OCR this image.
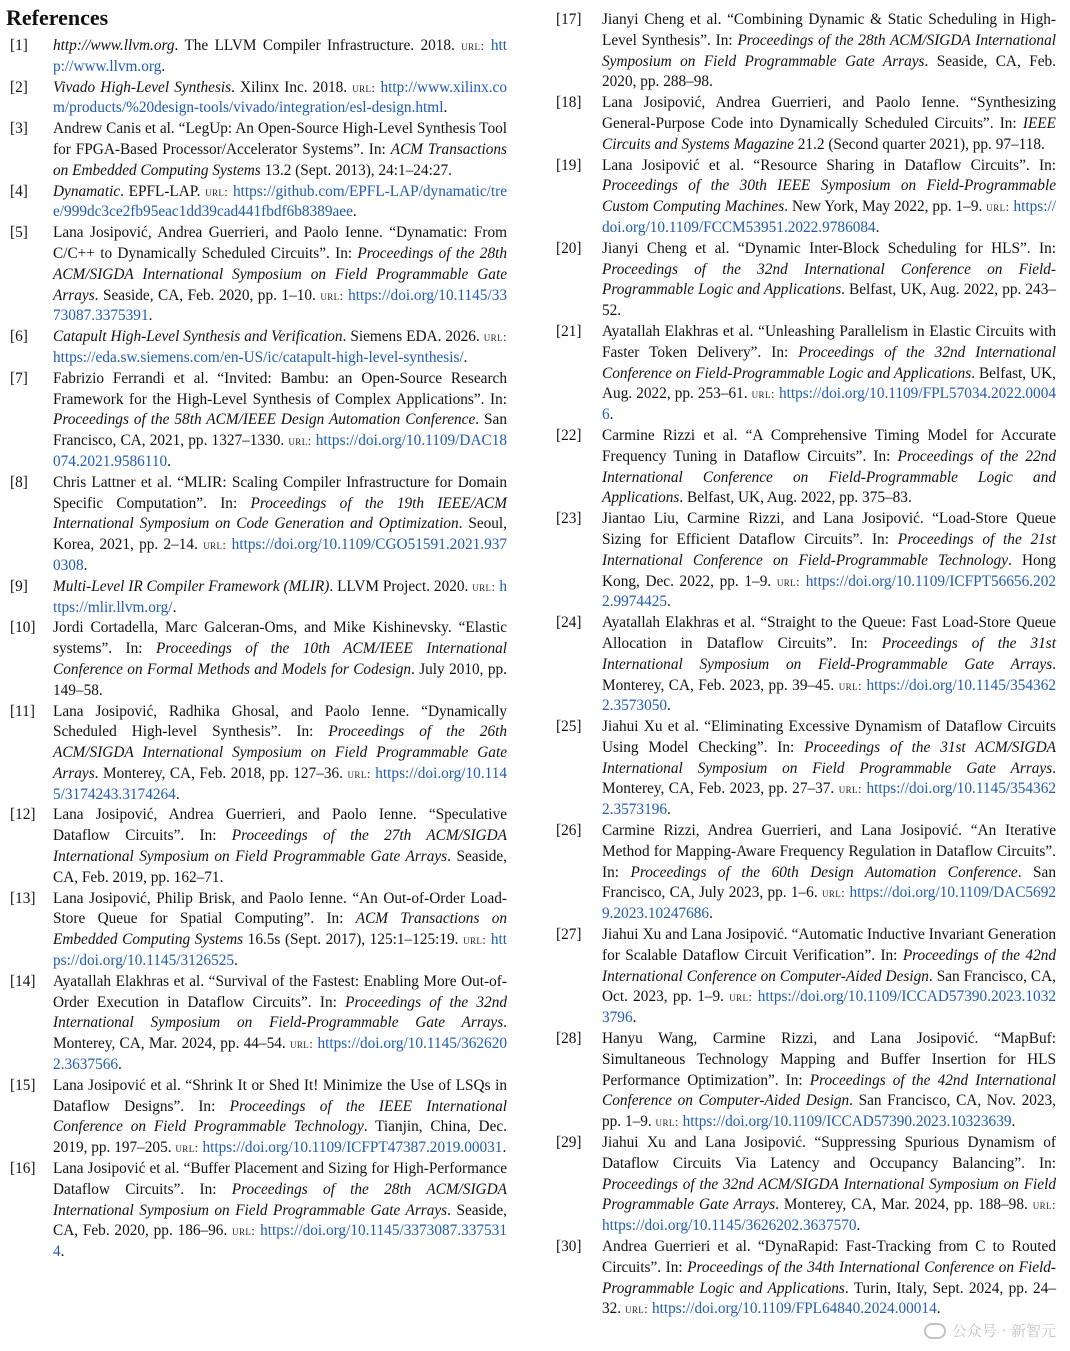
References
[1]	http://www.llvm.org. The LLVM Compiler Infrastructure. 2018. url: http://www.llvm.org.
[2]	Vivado High-Level Synthesis. Xilinx Inc. 2018. url: http://www.xilinx.com/products/%20design-tools/vivado/integration/esl-design.html.
[3]	Andrew Canis et al. “LegUp: An Open-Source High-Level Synthesis Tool for FPGA-Based Processor/Accelerator Systems”. In: ACM Transactions on Embedded Computing Systems 13.2 (Sept. 2013), 24:1–24:27.
[4]	Dynamatic. EPFL-LAP. url: https://github.com/EPFL-LAP/dynamatic/tree/999dc3ce2fb95eac1dd39cad441fbdf6b8389aee.
[5]	Lana Josipović, Andrea Guerrieri, and Paolo Ienne. “Dynamatic: From C/C++ to Dynamically Scheduled Circuits”. In: Proceedings of the 28th ACM/SIGDA International Symposium on Field Programmable Gate Arrays. Seaside, CA, Feb. 2020, pp. 1–10. url: https://doi.org/10.1145/3373087.3375391.
[6]	Catapult High-Level Synthesis and Verification. Siemens EDA. 2026. url: https://eda.sw.siemens.com/en-US/ic/catapult-high-level-synthesis/.
[7]	Fabrizio Ferrandi et al. “Invited: Bambu: an Open-Source Research Framework for the High-Level Synthesis of Complex Applications”. In: Proceedings of the 58th ACM/IEEE Design Automation Conference. San Francisco, CA, 2021, pp. 1327–1330. url: https://doi.org/10.1109/DAC18074.2021.9586110.
[8]	Chris Lattner et al. “MLIR: Scaling Compiler Infrastructure for Domain Specific Computation”. In: Proceedings of the 19th IEEE/ACM International Symposium on Code Generation and Optimization. Seoul, Korea, 2021, pp. 2–14. url: https://doi.org/10.1109/CGO51591.2021.9370308.
[9]	Multi-Level IR Compiler Framework (MLIR). LLVM Project. 2020. url: https://mlir.llvm.org/.
[10]	Jordi Cortadella, Marc Galceran-Oms, and Mike Kishinevsky. “Elastic systems”. In: Proceedings of the 10th ACM/IEEE International Conference on Formal Methods and Models for Codesign. July 2010, pp. 149–58.
[11]	Lana Josipović, Radhika Ghosal, and Paolo Ienne. “Dynamically Scheduled High-level Synthesis”. In: Proceedings of the 26th ACM/SIGDA International Symposium on Field Programmable Gate Arrays. Monterey, CA, Feb. 2018, pp. 127–36. url: https://doi.org/10.1145/3174243.3174264.
[12]	Lana Josipović, Andrea Guerrieri, and Paolo Ienne. “Speculative Dataflow Circuits”. In: Proceedings of the 27th ACM/SIGDA International Symposium on Field Programmable Gate Arrays. Seaside, CA, Feb. 2019, pp. 162–71.
[13]	Lana Josipović, Philip Brisk, and Paolo Ienne. “An Out-of-Order Load-Store Queue for Spatial Computing”. In: ACM Transactions on Embedded Computing Systems 16.5s (Sept. 2017), 125:1–125:19. url: https://doi.org/10.1145/3126525.
[14]	Ayatallah Elakhras et al. “Survival of the Fastest: Enabling More Out-of-Order Execution in Dataflow Circuits”. In: Proceedings of the 32nd International Symposium on Field-Programmable Gate Arrays. Monterey, CA, Mar. 2024, pp. 44–54. url: https://doi.org/10.1145/3626202.3637566.
[15]	Lana Josipović et al. “Shrink It or Shed It! Minimize the Use of LSQs in Dataflow Designs”. In: Proceedings of the IEEE International Conference on Field Programmable Technology. Tianjin, China, Dec. 2019, pp. 197–205. url: https://doi.org/10.1109/ICFPT47387.2019.00031.
[16]	Lana Josipović et al. “Buffer Placement and Sizing for High-Performance Dataflow Circuits”. In: Proceedings of the 28th ACM/SIGDA International Symposium on Field Programmable Gate Arrays. Seaside, CA, Feb. 2020, pp. 186–96. url: https://doi.org/10.1145/3373087.3375314.
[17]	Jianyi Cheng et al. “Combining Dynamic & Static Scheduling in High-Level Synthesis”. In: Proceedings of the 28th ACM/SIGDA International Symposium on Field Programmable Gate Arrays. Seaside, CA, Feb. 2020, pp. 288–98.
[18]	Lana Josipović, Andrea Guerrieri, and Paolo Ienne. “Synthesizing General-Purpose Code into Dynamically Scheduled Circuits”. In: IEEE Circuits and Systems Magazine 21.2 (Second quarter 2021), pp. 97–118.
[19]	Lana Josipović et al. “Resource Sharing in Dataflow Circuits”. In: Proceedings of the 30th IEEE Symposium on Field-Programmable Custom Computing Machines. New York, May 2022, pp. 1–9. url: https://doi.org/10.1109/FCCM53951.2022.9786084.
[20]	Jianyi Cheng et al. “Dynamic Inter-Block Scheduling for HLS”. In: Proceedings of the 32nd International Conference on Field-Programmable Logic and Applications. Belfast, UK, Aug. 2022, pp. 243–52.
[21]	Ayatallah Elakhras et al. “Unleashing Parallelism in Elastic Circuits with Faster Token Delivery”. In: Proceedings of the 32nd International Conference on Field-Programmable Logic and Applications. Belfast, UK, Aug. 2022, pp. 253–61. url: https://doi.org/10.1109/FPL57034.2022.00046.
[22]	Carmine Rizzi et al. “A Comprehensive Timing Model for Accurate Frequency Tuning in Dataflow Circuits”. In: Proceedings of the 22nd International Conference on Field-Programmable Logic and Applications. Belfast, UK, Aug. 2022, pp. 375–83.
[23]	Jiantao Liu, Carmine Rizzi, and Lana Josipović. “Load-Store Queue Sizing for Efficient Dataflow Circuits”. In: Proceedings of the 21st International Conference on Field-Programmable Technology. Hong Kong, Dec. 2022, pp. 1–9. url: https://doi.org/10.1109/ICFPT56656.2022.9974425.
[24]	Ayatallah Elakhras et al. “Straight to the Queue: Fast Load-Store Queue Allocation in Dataflow Circuits”. In: Proceedings of the 31st International Symposium on Field-Programmable Gate Arrays. Monterey, CA, Feb. 2023, pp. 39–45. url: https://doi.org/10.1145/3543622.3573050.
[25]	Jiahui Xu et al. “Eliminating Excessive Dynamism of Dataflow Circuits Using Model Checking”. In: Proceedings of the 31st ACM/SIGDA International Symposium on Field Programmable Gate Arrays. Monterey, CA, Feb. 2023, pp. 27–37. url: https://doi.org/10.1145/3543622.3573196.
[26]	Carmine Rizzi, Andrea Guerrieri, and Lana Josipović. “An Iterative Method for Mapping-Aware Frequency Regulation in Dataflow Circuits”. In: Proceedings of the 60th Design Automation Conference. San Francisco, CA, July 2023, pp. 1–6. url: https://doi.org/10.1109/DAC56929.2023.10247686.
[27]	Jiahui Xu and Lana Josipović. “Automatic Inductive Invariant Generation for Scalable Dataflow Circuit Verification”. In: Proceedings of the 42nd International Conference on Computer-Aided Design. San Francisco, CA, Oct. 2023, pp. 1–9. url: https://doi.org/10.1109/ICCAD57390.2023.10323796.
[28]	Hanyu Wang, Carmine Rizzi, and Lana Josipović. “MapBuf: Simultaneous Technology Mapping and Buffer Insertion for HLS Performance Optimization”. In: Proceedings of the 42nd International Conference on Computer-Aided Design. San Francisco, CA, Nov. 2023, pp. 1–9. url: https://doi.org/10.1109/ICCAD57390.2023.10323639.
[29]	Jiahui Xu and Lana Josipović. “Suppressing Spurious Dynamism of Dataflow Circuits Via Latency and Occupancy Balancing”. In: Proceedings of the 32nd ACM/SIGDA International Symposium on Field Programmable Gate Arrays. Monterey, CA, Mar. 2024, pp. 188–98. url: https://doi.org/10.1145/3626202.3637570.
[30]	Andrea Guerrieri et al. “DynaRapid: Fast-Tracking from C to Routed Circuits”. In: Proceedings of the 34th International Conference on Field-Programmable Logic and Applications. Turin, Italy, Sept. 2024, pp. 24–32. url: https://doi.org/10.1109/FPL64840.2024.00014.
公众号 · 新智元
